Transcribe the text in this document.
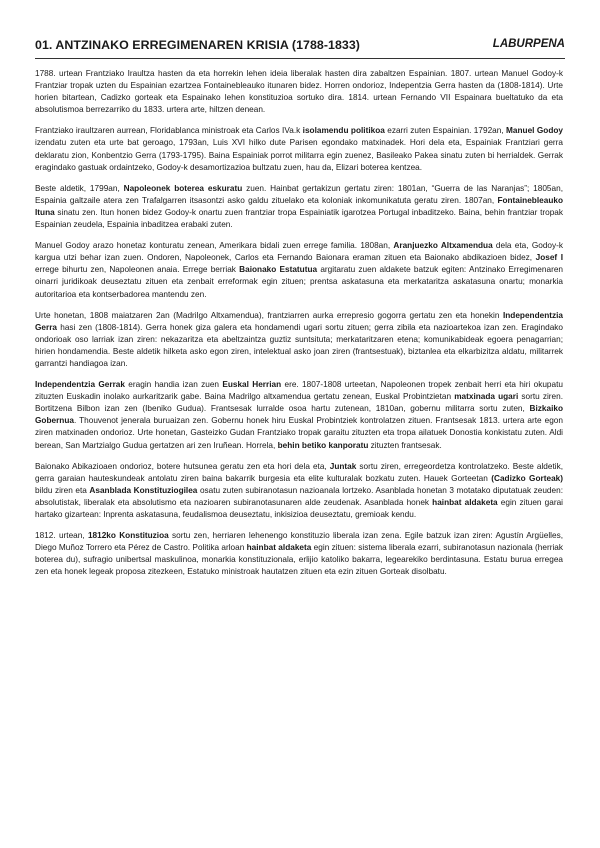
01. ANTZINAKO ERREGIMENAREN KRISIA (1788-1833)	LABURPENA

1788. urtean Frantziako Iraultza hasten da eta horrekin lehen ideia liberalak hasten dira zabaltzen Espainian. 1807. urtean Manuel Godoy-k Frantziar tropak uzten du Espainian ezartzea Fontainebleauko itunaren bidez. Horren ondorioz, Indepentzia Gerra hasten da (1808-1814). Urte horien bitartean, Cadizko gorteak eta Espainako lehen konstituzioa sortuko dira. 1814. urtean Fernando VII Espainara bueltatuko da eta absolutismoa berrezarriko du 1833. urtera arte, hiltzen denean.

Frantziako iraultzaren aurrean, Floridablanca ministroak eta Carlos IVa.k isolamendu politikoa ezarri zuten Espainian. 1792an, Manuel Godoy izendatu zuten eta urte bat geroago, 1793an, Luis XVI hilko dute Parisen egondako matxinadek. Hori dela eta, Espainiak Frantziari gerra deklaratu zion, Konbentzio Gerra (1793-1795). Baina Espainiak porrot militarra egin zuenez, Basileako Pakea sinatu zuten bi herrialdek. Gerrak eragindako gastuak ordaintzeko, Godoy-k desamortizazioa bultzatu zuen, hau da, Elizari boterea kentzea.

Beste aldetik, 1799an, Napoleonek boterea eskuratu zuen. Hainbat gertakizun gertatu ziren: 1801an, “Guerra de las Naranjas”; 1805an, Espainia galtzaile atera zen Trafalgarren itsasontzi asko galdu zituelako eta koloniak inkomunikatuta geratu ziren. 1807an, Fontainebleauko Ituna sinatu zen. Itun honen bidez Godoy-k onartu zuen frantziar tropa Espainiatik igarotzea Portugal inbaditzeko. Baina, behin frantziar tropak Espainian zeudela, Espainia inbaditzea erabaki zuten.

Manuel Godoy arazo honetaz konturatu zenean, Amerikara bidali zuen errege familia. 1808an, Aranjuezko Altxamendua dela eta, Godoy-k kargua utzi behar izan zuen. Ondoren, Napoleonek, Carlos eta Fernando Baionara eraman zituen eta Baionako abdikazioen bidez, Josef I errege bihurtu zen, Napoleonen anaia. Errege berriak Baionako Estatutua argitaratu zuen aldakete batzuk egiten: Antzinako Erregimenaren oinarri juridikoak deuseztatu zituen eta zenbait erreformak egin zituen; prentsa askatasuna eta merkataritza askatasuna onartu; monarkia autoritarioa eta kontserbadorea mantendu zen.

Urte honetan, 1808 maiatzaren 2an (Madrilgo Altxamendua), frantziarren aurka errepresio gogorra gertatu zen eta honekin Independentzia Gerra hasi zen (1808-1814). Gerra honek giza galera eta hondamendi ugari sortu zituen; gerra zibila eta nazioartekoa izan zen. Eragindako ondorioak oso larriak izan ziren: nekazaritza eta abeltzaintza guztiz suntsituta; merkataritzaren etena; komunikabideak egoera penagarrian; hirien hondamendia. Beste aldetik hilketa asko egon ziren, intelektual asko joan ziren (frantsestuak), biztanlea eta elkarbizitza aldatu, militarrek garrantzi handiagoa izan.

Independentzia Gerrak eragin handia izan zuen Euskal Herrian ere. 1807-1808 urteetan, Napoleonen tropek zenbait herri eta hiri okupatu zituzten Euskadin inolako aurkaritzarik gabe. Baina Madrilgo altxamendua gertatu zenean, Euskal Probintzietan matxinada ugari sortu ziren. Bortitzena Bilbon izan zen (Ibeniko Gudua). Frantsesak lurralde osoa hartu zutenean, 1810an, gobernu militarra sortu zuten, Bizkaiko Gobernua. Thouvenot jenerala buruaizan zen. Gobernu honek hiru Euskal Probintziek kontrolatzen zituen. Frantsesak 1813. urtera arte egon ziren matxinaden ondorioz. Urte honetan, Gasteizko Gudan Frantziako tropak garaitu zituzten eta tropa ailatuek Donostia konkistatu zuten. Aldi berean, San Martzialgo Gudua gertatzen ari zen Iruñean. Horrela, behin betiko kanporatu zituzten frantsesak.

Baionako Abikazioaen ondorioz, botere hutsunea geratu zen eta hori dela eta, Juntak sortu ziren, erregeordetza kontrolatzeko. Beste aldetik, gerra garaian hauteskundeak antolatu ziren baina bakarrik burgesia eta elite kulturalak bozkatu zuten. Hauek Gorteetan (Cadizko Gorteak) bildu ziren eta Asanblada Konstituziogilea osatu zuten subiranotasun nazioanala lortzeko. Asanblada honetan 3 motatako diputatuak zeuden: absolutistak, liberalak eta absolutismo eta nazioaren subiranotasunaren alde zeudenak. Asanblada honek hainbat aldaketa egin zituen garai hartako gizartean: Inprenta askatasuna, feudalismoa deuseztatu, inkisizioa deuseztatu, gremioak kendu.

1812. urtean, 1812ko Konstituzioa sortu zen, herriaren lehenengo konstituzio liberala izan zena. Egile batzuk izan ziren: Agustín Argüelles, Diego Muñoz Torrero eta Pérez de Castro. Politika arloan hainbat aldaketa egin zituen: sistema liberala ezarri, subiranotasun nazionala (herriak boterea du), sufragio unibertsal maskulinoa, monarkia konstituzionala, erlijio katoliko bakarra, legearekiko berdintasuna. Estatu burua erregea zen eta honek legeak proposa zitezkeen, Estatuko ministroak hautatzen zituen eta ezin zituen Gorteak disolbatu.
